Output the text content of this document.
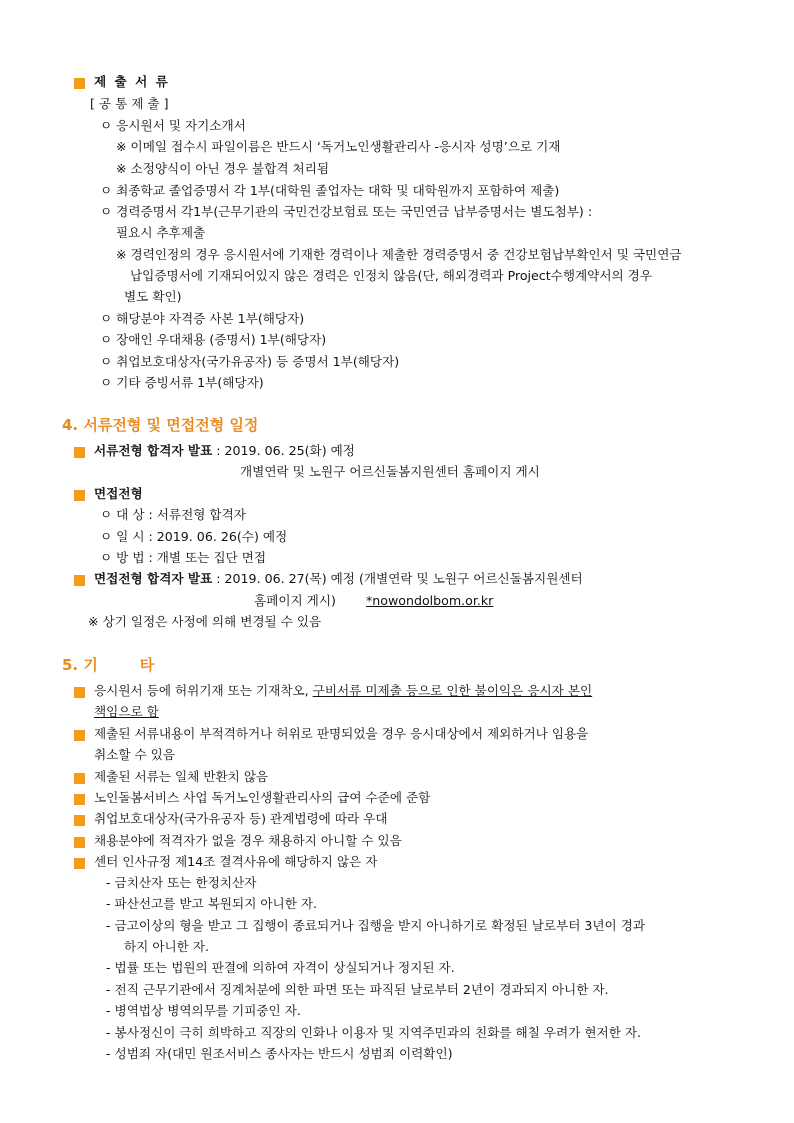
제 출 서 류
[ 공 통 제 출 ]
ㅇ 응시원서 및 자기소개서
※ 이메일 접수시 파일이름은 반드시 ‘독거노인생활관리사 -응시자 성명’으로 기재
※ 소정양식이 아닌 경우 불합격 처리됨
ㅇ 최종학교 졸업증명서 각 1부(대학원 졸업자는 대학 및 대학원까지 포함하여 제출)
ㅇ 경력증명서 각1부(근무기관의 국민건강보험료 또는 국민연금 납부증명서는 별도첨부) :
필요시 추후제출
※ 경력인정의 경우 응시원서에 기재한 경력이나 제출한 경력증명서 중 건강보험납부확인서 및 국민연금
납입증명서에 기재되어있지 않은 경력은 인정치 않음(단, 해외경력과 Project수행계약서의 경우
별도 확인)
ㅇ 해당분야 자격증 사본 1부(해당자)
ㅇ 장애인 우대채용 (증명서) 1부(해당자)
ㅇ 취업보호대상자(국가유공자) 등 증명서 1부(해당자)
ㅇ 기타 증빙서류 1부(해당자)
4. 서류전형 및 면접전형 일정
서류전형 합격자 발표 : 2019. 06. 25(화) 예정
개별연락 및 노원구 어르신돌봄지원센터 홈페이지 게시
면접전형
ㅇ 대 상 : 서류전형 합격자
ㅇ 일 시 : 2019. 06. 26(수) 예정
ㅇ 방 법 : 개별 또는 집단 면접
면접전형 합격자 발표 : 2019. 06. 27(목) 예정 (개별연락 및 노원구 어르신돌봄지원센터
홈페이지 게시) *nowondolbom.or.kr
※ 상기 일정은 사정에 의해 변경될 수 있음
5. 기        타
응시원서 등에 허위기재 또는 기재착오, 구비서류 미제출 등으로 인한 불이익은 응시자 본인
책임으로 함
제출된 서류내용이 부적격하거나 허위로 판명되었을 경우 응시대상에서 제외하거나 임용을
취소할 수 있음
제출된 서류는 일체 반환치 않음
노인돌봄서비스 사업 독거노인생활관리사의 급여 수준에 준함
취업보호대상자(국가유공자 등) 관계법령에 따라 우대
채용분야에 적격자가 없을 경우 채용하지 아니할 수 있음
센터 인사규정 제14조 결격사유에 해당하지 않은 자
- 금치산자 또는 한정치산자
- 파산선고를 받고 복원되지 아니한 자.
- 금고이상의 형을 받고 그 집행이 종료되거나 집행을 받지 아니하기로 확정된 날로부터 3년이 경과
하지 아니한 자.
- 법률 또는 법원의 판결에 의하여 자격이 상실되거나 정지된 자.
- 전직 근무기관에서 징계처분에 의한 파면 또는 파직된 날로부터 2년이 경과되지 아니한 자.
- 병역법상 병역의무를 기피중인 자.
- 봉사정신이 극히 희박하고 직장의 인화나 이용자 및 지역주민과의 친화를 해칠 우려가 현저한 자.
- 성범죄 자(대민 원조서비스 종사자는 반드시 성범죄 이력확인)
